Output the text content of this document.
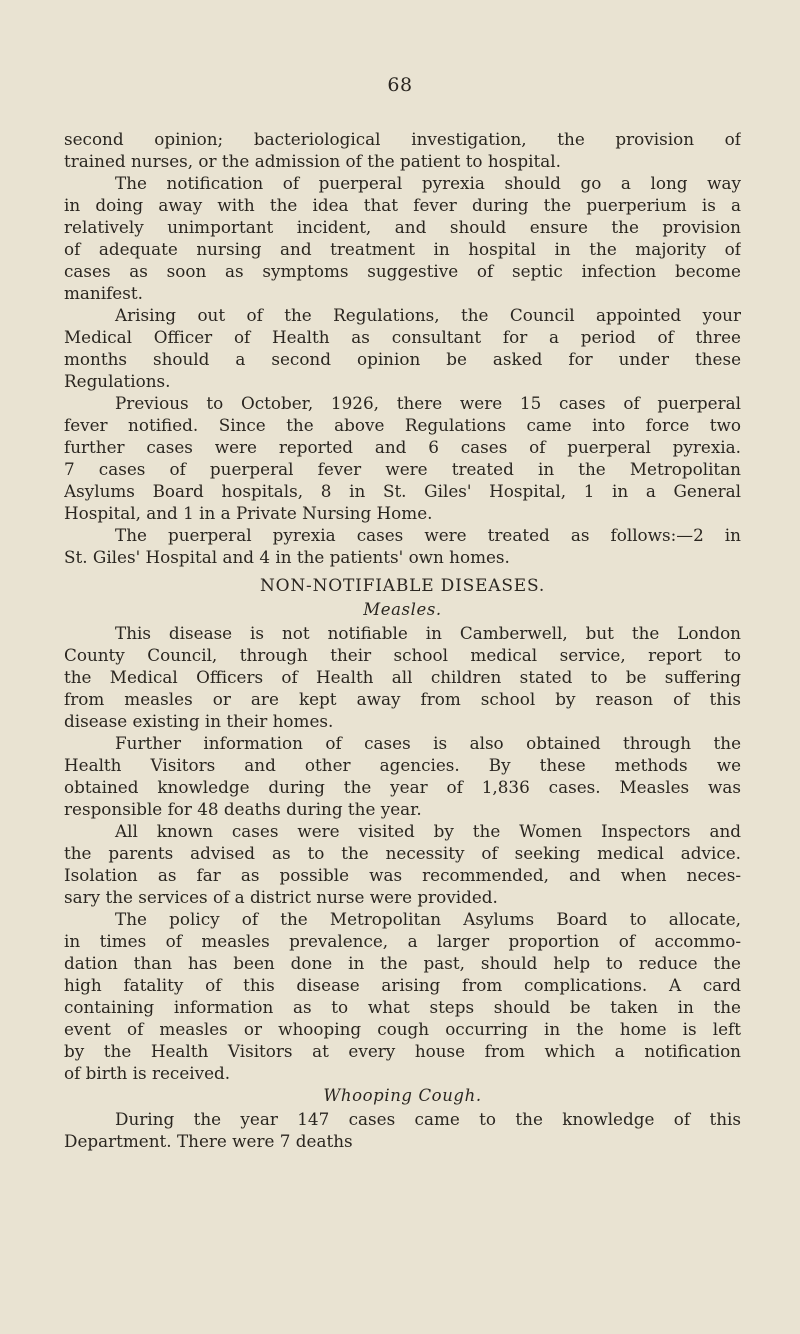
68
second opinion; bacteriological investigation, the provision of
trained nurses, or the admission of the patient to hospital.
The notification of puerperal pyrexia should go a long way
in doing away with the idea that fever during the puerperium is a
relatively unimportant incident, and should ensure the provision
of adequate nursing and treatment in hospital in the majority of
cases as soon as symptoms suggestive of septic infection become
manifest.
Arising out of the Regulations, the Council appointed your
Medical Officer of Health as consultant for a period of three
months should a second opinion be asked for under these
Regulations.
Previous to October, 1926, there were 15 cases of puerperal
fever notified. Since the above Regulations came into force two
further cases were reported and 6 cases of puerperal pyrexia.
7 cases of puerperal fever were treated in the Metropolitan
Asylums Board hospitals, 8 in St. Giles' Hospital, 1 in a General
Hospital, and 1 in a Private Nursing Home.
The puerperal pyrexia cases were treated as follows:—2 in
St. Giles' Hospital and 4 in the patients' own homes.
NON-NOTIFIABLE DISEASES.
Measles.
This disease is not notifiable in Camberwell, but the London
County Council, through their school medical service, report to
the Medical Officers of Health all children stated to be suffering
from measles or are kept away from school by reason of this
disease existing in their homes.
Further information of cases is also obtained through the
Health Visitors and other agencies. By these methods we
obtained knowledge during the year of 1,836 cases. Measles was
responsible for 48 deaths during the year.
All known cases were visited by the Women Inspectors and
the parents advised as to the necessity of seeking medical advice.
Isolation as far as possible was recommended, and when neces-
sary the services of a district nurse were provided.
The policy of the Metropolitan Asylums Board to allocate,
in times of measles prevalence, a larger proportion of accommo-
dation than has been done in the past, should help to reduce the
high fatality of this disease arising from complications. A card
containing information as to what steps should be taken in the
event of measles or whooping cough occurring in the home is left
by the Health Visitors at every house from which a notification
of birth is received.
Whooping Cough.
During the year 147 cases came to the knowledge of this
Department. There were 7 deaths
